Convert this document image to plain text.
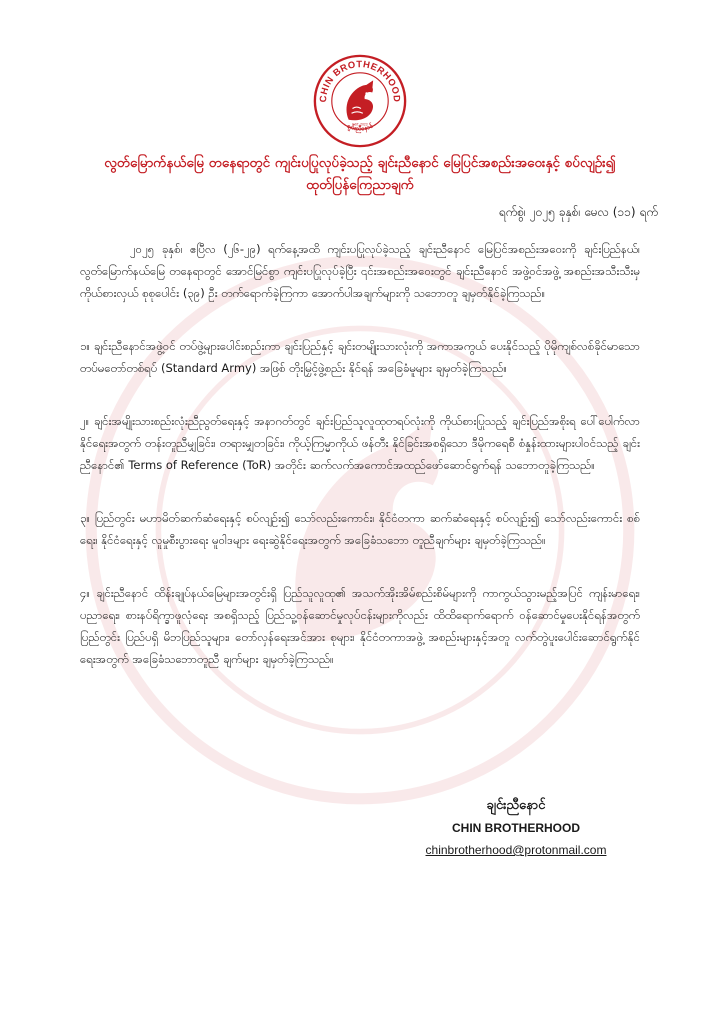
CHIN BROTHERHOOD
ချင်းညီနောင်
EST. 2023
လွတ်မြောက်နယ်မြေ တနေရာတွင် ကျင်းပပြုလုပ်ခဲ့သည့် ချင်းညီနောင် မြေပြင်အစည်းအဝေးနှင့် စပ်လျဉ်း၍ ထုတ်ပြန်ကြေညာချက်
ရက်စွဲ၊ ၂၀၂၅ ခုနှစ်၊ မေလ (၁၁) ရက်

၂၀၂၅ ခုနှစ်၊ ဧပြီလ (၂၆-၂၉) ရက်နေ့အထိ ကျင်းပပြုလုပ်ခဲ့သည့် ချင်းညီနောင် မြေပြင်အစည်းအဝေးကို ချင်းပြည်နယ်၊ လွတ်မြောက်နယ်မြေ တနေရာတွင် အောင်မြင်စွာ ကျင်းပပြုလုပ်ခဲ့ပြီး ၎င်းအစည်းအဝေးတွင် ချင်းညီနောင် အဖွဲ့ဝင်အဖွဲ့ အစည်းအသီးသီးမှ ကိုယ်စားလှယ် စုစုပေါင်း (၃၉) ဦး တက်ရောက်ခဲ့ကြကာ အောက်ပါအချက်များကို သဘောတူ ချမှတ်နိုင်ခဲ့ကြသည်။

၁။ ချင်းညီနောင်အဖွဲ့ဝင် တပ်ဖွဲ့များပေါင်းစည်းကာ ချင်းပြည်နှင့် ချင်းတမျိုးသားလုံးကို အကာအကွယ် ပေးနိုင်သည့် ပိုမိုကျစ်လစ်ခိုင်မာသော တပ်မတော်တစ်ရပ် (Standard Army) အဖြစ် တိုးမြှင့်ဖွဲ့စည်း နိုင်ရန် အခြေခံမူများ ချမှတ်ခဲ့ကြသည်။

၂။ ချင်းအမျိုးသားစည်းလုံးညီညွတ်ရေးနှင့် အနာဂတ်တွင် ချင်းပြည်သူလူထုတရပ်လုံးကို ကိုယ်စားပြုသည့် ချင်းပြည်အစိုးရ ပေါ်ပေါက်လာနိုင်ရေးအတွက် တန်းတူညီမျှခြင်း၊ တရားမျှတခြင်း၊ ကိုယ့်ကြမ္မာကိုယ် ဖန်တီး နိုင်ခြင်းအစရှိသော ဒီမိုကရေစီ စံနှုန်းထားများပါဝင်သည့် ချင်းညီနောင်၏ Terms of Reference (ToR) အတိုင်း ဆက်လက်အကောင်အထည်ဖော်ဆောင်ရွက်ရန် သဘောတူခဲ့ကြသည်။

၃။ ပြည်တွင်း မဟာမိတ်ဆက်ဆံရေးနှင့် စပ်လျဉ်း၍ သော်လည်းကောင်း၊ နိုင်ငံတကာ ဆက်ဆံရေးနှင့် စပ်လျဉ်း၍ သော်လည်းကောင်း စစ်ရေး၊ နိုင်ငံရေးနှင့် လူမှုစီးပွားရေး မူဝါဒများ ရေးဆွဲနိုင်ရေးအတွက် အခြေခံသဘော တူညီချက်များ ချမှတ်ခဲ့ကြသည်။

၄။ ချင်းညီနောင် ထိန်းချုပ်နယ်မြေများအတွင်းရှိ ပြည်သူလူထု၏ အသက်အိုးအိမ်စည်းစိမ်များကို ကာကွယ်သွားမည့်အပြင် ကျန်းမာရေး၊ ပညာရေး၊ စားနပ်ရိက္ခာဖူလုံရေး အစရှိသည့် ပြည်သူ့ဝန်ဆောင်မှုလုပ်ငန်းများကိုလည်း ထိထိရောက်ရောက် ဝန်ဆောင်မှုပေးနိုင်ရန်အတွက် ပြည်တွင်း ပြည်ပရှိ မိဘပြည်သူများ၊ တော်လှန်ရေးအင်အား စုများ၊ နိုင်ငံတကာအဖွဲ့ အစည်းများနှင့်အတူ လက်တွဲပူးပေါင်းဆောင်ရွက်နိုင်ရေးအတွက် အခြေခံသဘောတူညီ ချက်များ ချမှတ်ခဲ့ကြသည်။

ချင်းညီနောင်
CHIN BROTHERHOOD
chinbrotherhood@protonmail.com
